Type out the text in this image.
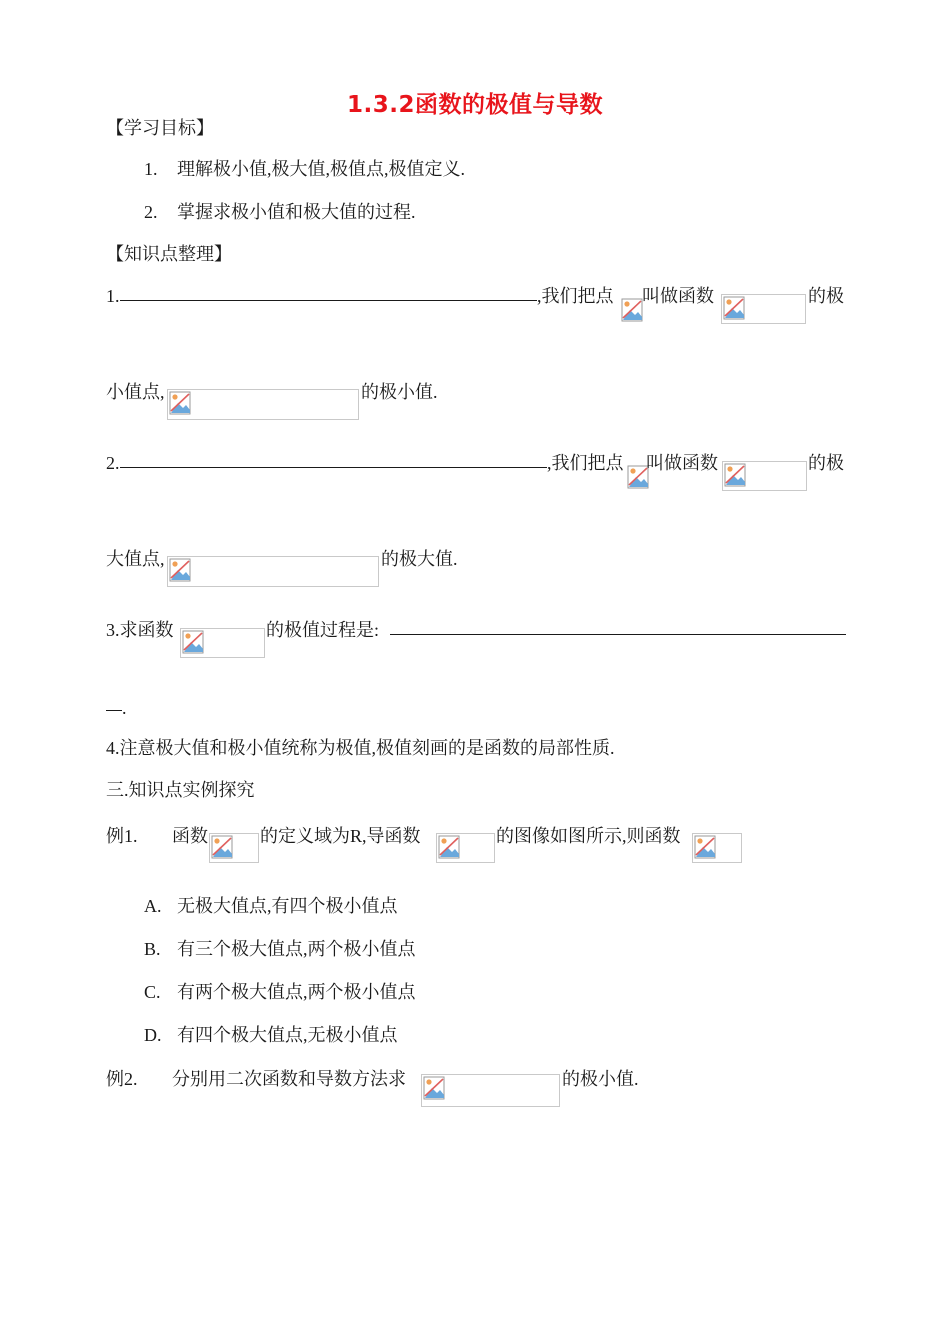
1.3.2函数的极值与导数
【学习目标】
1. 理解极小值,极大值,极值点,极值定义.
2. 掌握求极小值和极大值的过程.
【知识点整理】
1.	,我们把点 叫做函数	的极
小值点,	的极小值.
2.	,我们把点 叫做函数	的极
大值点,	的极大值.
3.求函数	的极值过程是:
.
4.注意极大值和极小值统称为极值,极值刻画的是函数的局部性质.
三.知识点实例探究
例1. 函数	的定义域为R,导函数	的图像如图所示,则函数
A. 无极大值点,有四个极小值点
B. 有三个极大值点,两个极小值点
C. 有两个极大值点,两个极小值点
D. 有四个极大值点,无极小值点
例2. 分别用二次函数和导数方法求	的极小值.
